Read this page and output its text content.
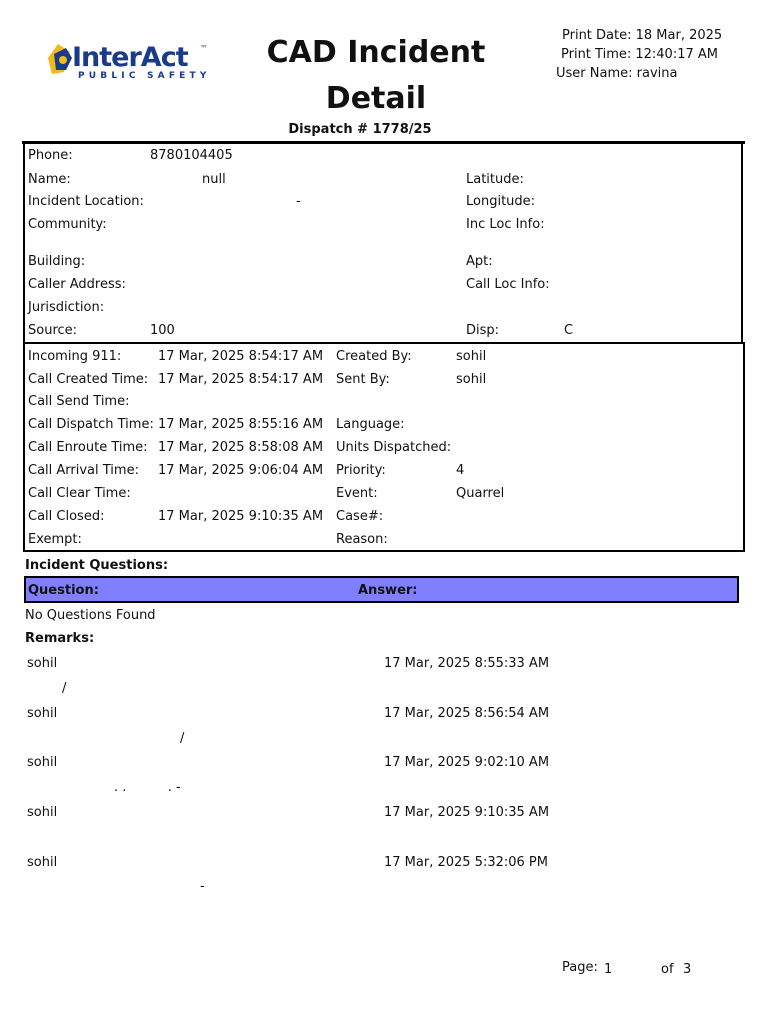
InterAct ™
PUBLIC SAFETY
CAD Incident
Detail
Print Date: 18 Mar, 2025
Print Time: 12:40:17 AM
User Name: ravina
Dispatch # 1778/25
Phone:	8780104405
Name:	null	Latitude:
Incident Location:	-	Longitude:
Community:	Inc Loc Info:
Building:	Apt:
Caller Address:	Call Loc Info:
Jurisdiction:
Source:	100	Disp:	C
Incoming 911:	17 Mar, 2025 8:54:17 AM Created By:	sohil
Call Created Time: 17 Mar, 2025 8:54:17 AM Sent By:	sohil
Call Send Time:
Call Dispatch Time: 17 Mar, 2025 8:55:16 AM Language:
Call Enroute Time: 17 Mar, 2025 8:58:08 AM Units Dispatched:
Call Arrival Time: 17 Mar, 2025 9:06:04 AM Priority:	4
Call Clear Time:	Event:	Quarrel
Call Closed:	17 Mar, 2025 9:10:35 AM Case#:
Exempt:	Reason:
Incident Questions:
Question:	Answer:
No Questions Found
Remarks:
sohil	17 Mar, 2025 8:55:33 AM
/
sohil	17 Mar, 2025 8:56:54 AM
/
sohil	17 Mar, 2025 9:02:10 AM
. .          . -
sohil	17 Mar, 2025 9:10:35 AM
sohil	17 Mar, 2025 5:32:06 PM
-
Page: 1	of 3
